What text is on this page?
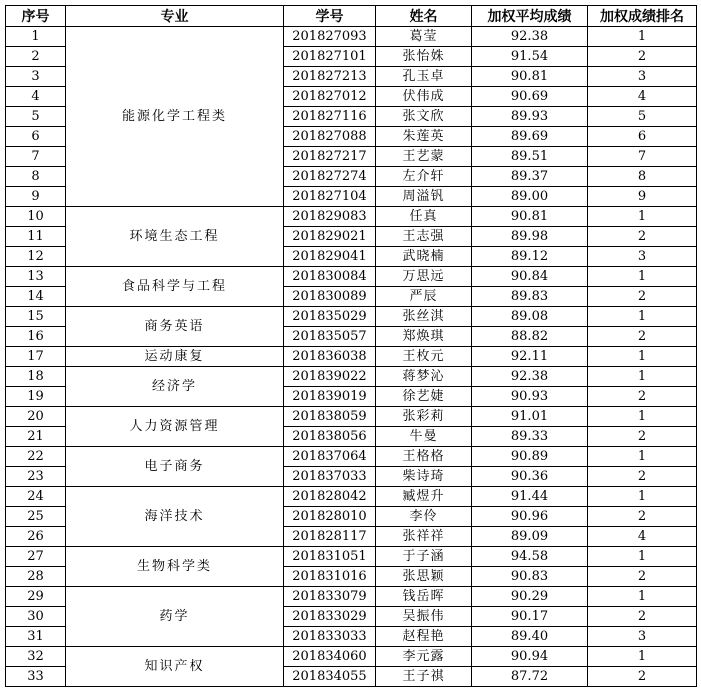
序号	专业	学号	姓名	加权平均成绩	加权成绩排名
1	能源化学工程类	201827093	葛莹	92.38	1
2		201827101	张怡姝	91.54	2
3		201827213	孔玉卓	90.81	3
4		201827012	伏伟成	90.69	4
5		201827116	张文欣	89.93	5
6		201827088	朱莲英	89.69	6
7		201827217	王艺蒙	89.51	7
8		201827274	左介轩	89.37	8
9		201827104	周溢钒	89.00	9
10	环境生态工程	201829083	任真	90.81	1
11		201829021	王志强	89.98	2
12		201829041	武晓楠	89.12	3
13	食品科学与工程	201830084	万思远	90.84	1
14		201830089	严辰	89.83	2
15	商务英语	201835029	张丝淇	89.08	1
16		201835057	郑焕琪	88.82	2
17	运动康复	201836038	王枚元	92.11	1
18	经济学	201839022	蒋梦沁	92.38	1
19		201839019	徐艺婕	90.93	2
20	人力资源管理	201838059	张彩莉	91.01	1
21		201838056	牛曼	89.33	2
22	电子商务	201837064	王格格	90.89	1
23		201837033	柴诗琦	90.36	2
24	海洋技术	201828042	臧煜升	91.44	1
25		201828010	李伶	90.96	2
26		201828117	张祥祥	89.09	4
27	生物科学类	201831051	于子涵	94.58	1
28		201831016	张思颖	90.83	2
29	药学	201833079	钱岳晖	90.29	1
30		201833029	吴振伟	90.17	2
31		201833033	赵程艳	89.40	3
32	知识产权	201834060	李元露	90.94	1
33		201834055	王子祺	87.72	2
